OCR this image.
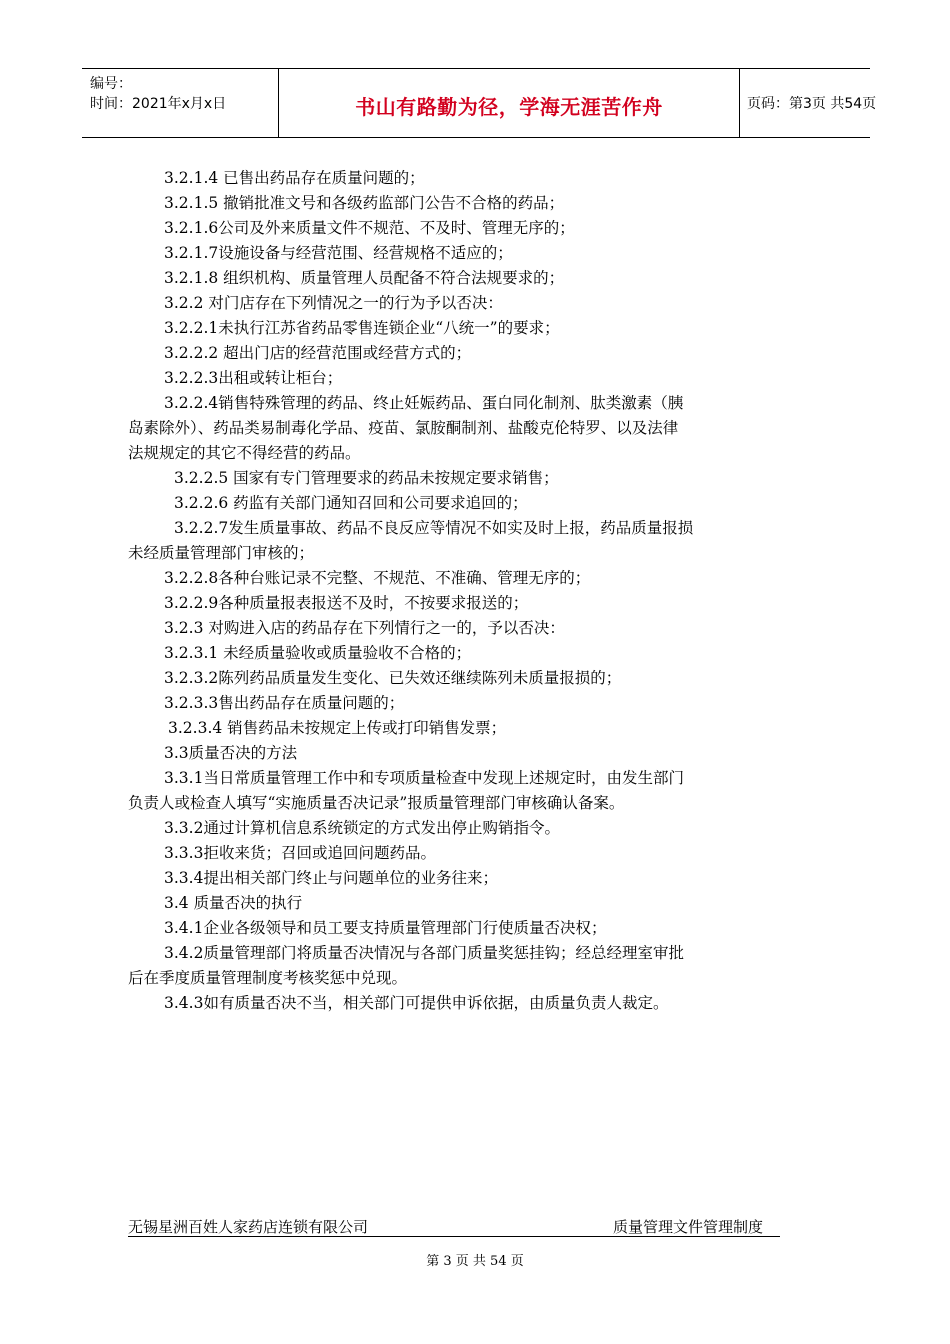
编号：
时间：2021年x月x日	书山有路勤为径，学海无涯苦作舟	页码：第3页 共54页
3.2.1.4 已售出药品存在质量问题的；
3.2.1.5 撤销批准文号和各级药监部门公告不合格的药品；
3.2.1.6公司及外来质量文件不规范、不及时、管理无序的；
3.2.1.7设施设备与经营范围、经营规格不适应的；
3.2.1.8 组织机构、质量管理人员配备不符合法规要求的；
3.2.2 对门店存在下列情况之一的行为予以否决：
3.2.2.1未执行江苏省药品零售连锁企业“八统一”的要求；
3.2.2.2 超出门店的经营范围或经营方式的；
3.2.2.3出租或转让柜台；
3.2.2.4销售特殊管理的药品、终止妊娠药品、蛋白同化制剂、肽类激素（胰
岛素除外）、药品类易制毒化学品、疫苗、氯胺酮制剂、盐酸克伦特罗、以及法律
法规规定的其它不得经营的药品。
3.2.2.5 国家有专门管理要求的药品未按规定要求销售；
3.2.2.6 药监有关部门通知召回和公司要求追回的；
3.2.2.7发生质量事故、药品不良反应等情况不如实及时上报，药品质量报损
未经质量管理部门审核的；
3.2.2.8各种台账记录不完整、不规范、不准确、管理无序的；
3.2.2.9各种质量报表报送不及时，不按要求报送的；
3.2.3 对购进入店的药品存在下列情行之一的，予以否决：
3.2.3.1 未经质量验收或质量验收不合格的；
3.2.3.2陈列药品质量发生变化、已失效还继续陈列未质量报损的；
3.2.3.3售出药品存在质量问题的；
3.2.3.4 销售药品未按规定上传或打印销售发票；
3.3质量否决的方法
3.3.1当日常质量管理工作中和专项质量检查中发现上述规定时，由发生部门
负责人或检查人填写“实施质量否决记录”报质量管理部门审核确认备案。
3.3.2通过计算机信息系统锁定的方式发出停止购销指令。
3.3.3拒收来货；召回或追回问题药品。
3.3.4提出相关部门终止与问题单位的业务往来；
3.4 质量否决的执行
3.4.1企业各级领导和员工要支持质量管理部门行使质量否决权；
3.4.2质量管理部门将质量否决情况与各部门质量奖惩挂钩；经总经理室审批
后在季度质量管理制度考核奖惩中兑现。
3.4.3如有质量否决不当，相关部门可提供申诉依据，由质量负责人裁定。
无锡星洲百姓人家药店连锁有限公司	质量管理文件管理制度
第 3 页 共 54 页
